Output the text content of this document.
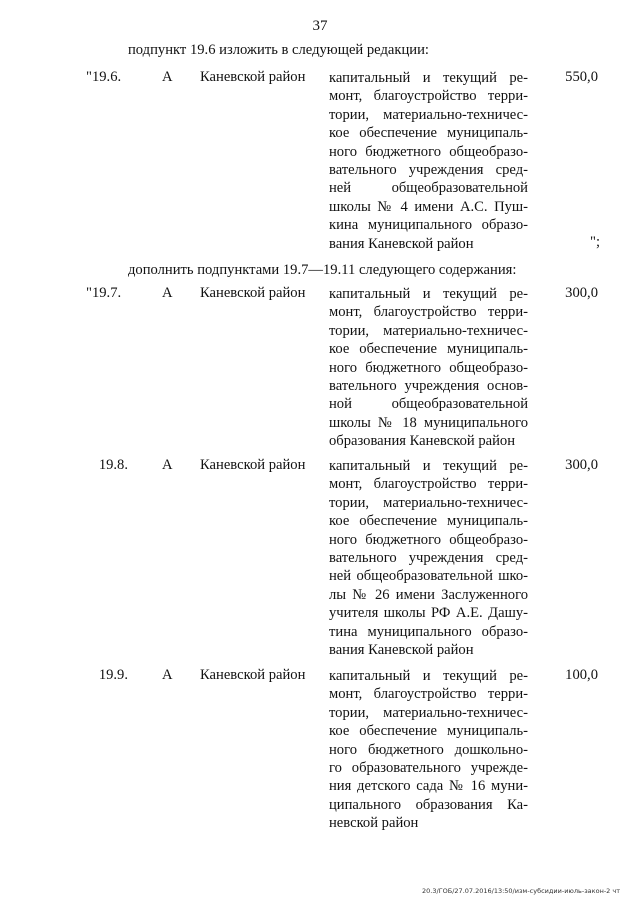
37
подпункт 19.6 изложить в следующей редакции:
"19.6.	А Каневской район капитальный и текущий ре-
монт, благоустройство терри-
тории, материально-техничес-
кое обеспечение муниципаль-
ного бюджетного общеобразо-
вательного учреждения сред-
ней общеобразовательной
школы № 4 имени А.С. Пуш-
кина муниципального образо-
вания Каневской район
550,0
";
дополнить подпунктами 19.7—19.11 следующего содержания:
"19.7.	А Каневской район капитальный и текущий ре-
монт, благоустройство терри-
тории, материально-техничес-
кое обеспечение муниципаль-
ного бюджетного общеобразо-
вательного учреждения основ-
ной общеобразовательной
школы № 18 муниципального
образования Каневской район
300,0
19.8. А Каневской район капитальный и текущий ре-
монт, благоустройство терри-
тории, материально-техничес-
кое обеспечение муниципаль-
ного бюджетного общеобразо-
вательного учреждения сред-
ней общеобразовательной шко-
лы № 26 имени Заслуженного
учителя школы РФ А.Е. Дашу-
тина муниципального образо-
вания Каневской район
300,0
19.9. А Каневской район капитальный и текущий ре-
монт, благоустройство терри-
тории, материально-техничес-
кое обеспечение муниципаль-
ного бюджетного дошкольно-
го образовательного учрежде-
ния детского сада № 16 муни-
ципального образования Ка-
невской район
100,0
20.3/ГОБ/27.07.2016/13:50/изм-субсидии-июль-закон-2 чт
